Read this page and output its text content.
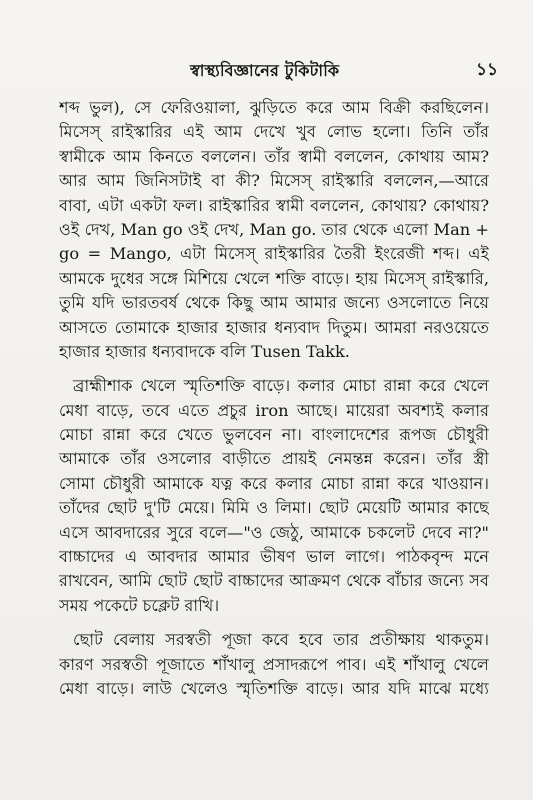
স্বাস্থ্যবিজ্ঞানের টুকিটাকি	১১
শব্দ ভুল), সে ফেরিওয়ালা, ঝুড়িতে করে আম বিক্রী করছিলেন।
মিসেস্ রাইস্কারির এই আম দেখে খুব লোভ হলো। তিনি তাঁর
স্বামীকে আম কিনতে বললেন। তাঁর স্বামী বললেন, কোথায় আম?
আর আম জিনিসটাই বা কী? মিসেস্ রাইস্কারি বললেন,—আরে
বাবা, এটা একটা ফল। রাইস্কারির স্বামী বললেন, কোথায়? কোথায়?
ওই দেখ, Man go ওই দেখ, Man go. তার থেকে এলো Man +
go = Mango, এটা মিসেস্ রাইস্কারির তৈরী ইংরেজী শব্দ। এই
আমকে দুধের সঙ্গে মিশিয়ে খেলে শক্তি বাড়ে। হায় মিসেস্ রাইস্কারি,
তুমি যদি ভারতবর্ষ থেকে কিছু আম আমার জন্যে ওসলোতে নিয়ে
আসতে তোমাকে হাজার হাজার ধন্যবাদ দিতুম। আমরা নরওয়েতে
হাজার হাজার ধন্যবাদকে বলি Tusen Takk.
ব্রাহ্মীশাক খেলে স্মৃতিশক্তি বাড়ে। কলার মোচা রান্না করে খেলে
মেধা বাড়ে, তবে এতে প্রচুর iron আছে। মায়েরা অবশ্যই কলার
মোচা রান্না করে খেতে ভুলবেন না। বাংলাদেশের রূপজ চৌধুরী
আমাকে তাঁর ওসলোর বাড়ীতে প্রায়ই নেমন্তন্ন করেন। তাঁর স্ত্রী
সোমা চৌধুরী আমাকে যত্ন করে কলার মোচা রান্না করে খাওয়ান।
তাঁদের ছোট দু'টি মেয়ে। মিমি ও লিমা। ছোট মেয়েটি আমার কাছে
এসে আবদারের সুরে বলে—"ও জেঠু, আমাকে চকলেট দেবে না?"
বাচ্চাদের এ আবদার আমার ভীষণ ভাল লাগে। পাঠকবৃন্দ মনে
রাখবেন, আমি ছোট ছোট বাচ্চাদের আক্রমণ থেকে বাঁচার জন্যে সব
সময় পকেটে চক্লেট রাখি।
ছোট বেলায় সরস্বতী পূজা কবে হবে তার প্রতীক্ষায় থাকতুম।
কারণ সরস্বতী পূজাতে শাঁখালু প্রসাদরূপে পাব। এই শাঁখালু খেলে
মেধা বাড়ে। লাউ খেলেও স্মৃতিশক্তি বাড়ে। আর যদি মাঝে মধ্যে
